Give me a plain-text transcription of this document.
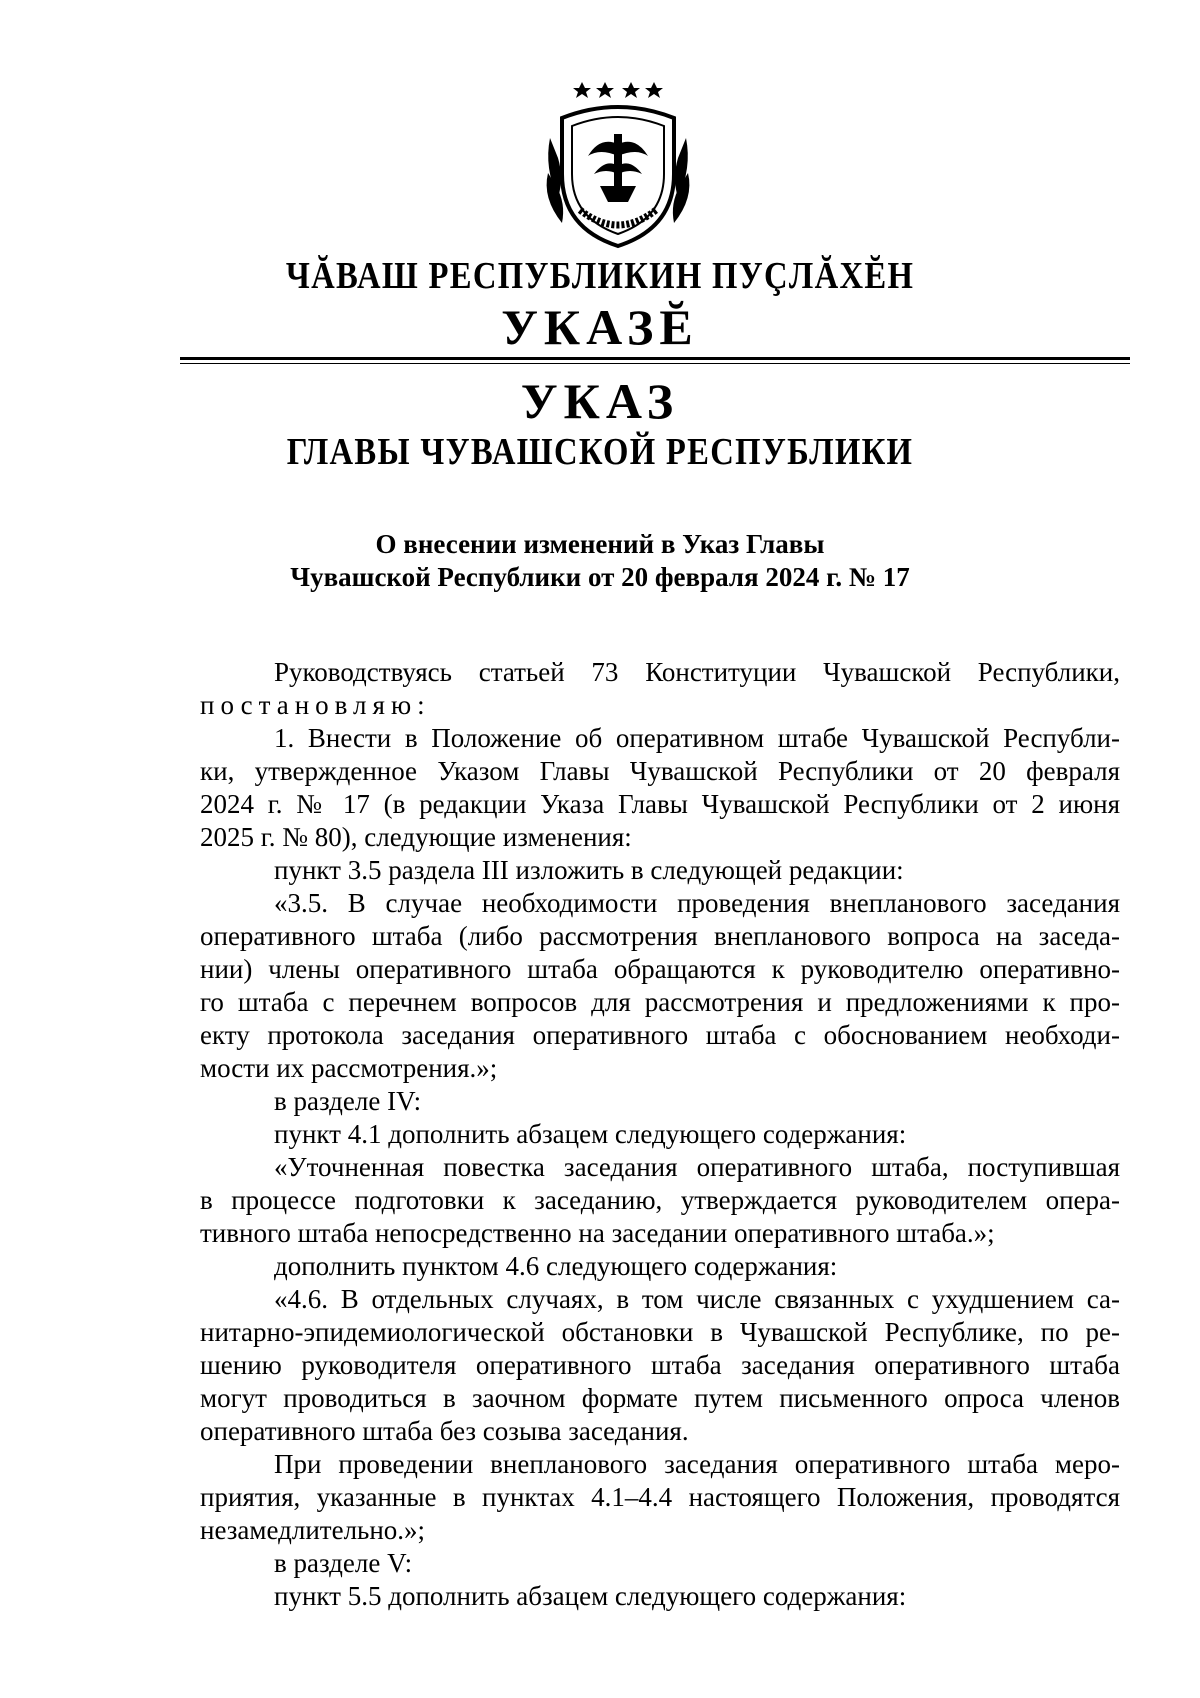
ЧĂВАШ РЕСПУБЛИКИН ПУÇЛĂХĔН
УКАЗĔ
УКАЗ
ГЛАВЫ ЧУВАШСКОЙ РЕСПУБЛИКИ
О внесении изменений в Указ Главы
Чувашской Республики от 20 февраля 2024 г. № 17
Руководствуясь статьей 73 Конституции Чувашской Республики,
постановляю:
1. Внести в Положение об оперативном штабе Чувашской Республи-
ки, утвержденное Указом Главы Чувашской Республики от 20 февраля
2024 г. № 17 (в редакции Указа Главы Чувашской Республики от 2 июня
2025 г. № 80), следующие изменения:
пункт 3.5 раздела III изложить в следующей редакции:
«3.5. В случае необходимости проведения внепланового заседания
оперативного штаба (либо рассмотрения внепланового вопроса на заседа-
нии) члены оперативного штаба обращаются к руководителю оперативно-
го штаба с перечнем вопросов для рассмотрения и предложениями к про-
екту протокола заседания оперативного штаба с обоснованием необходи-
мости их рассмотрения.»;
в разделе IV:
пункт 4.1 дополнить абзацем следующего содержания:
«Уточненная повестка заседания оперативного штаба, поступившая
в процессе подготовки к заседанию, утверждается руководителем опера-
тивного штаба непосредственно на заседании оперативного штаба.»;
дополнить пунктом 4.6 следующего содержания:
«4.6. В отдельных случаях, в том числе связанных с ухудшением са-
нитарно-эпидемиологической обстановки в Чувашской Республике, по ре-
шению руководителя оперативного штаба заседания оперативного штаба
могут проводиться в заочном формате путем письменного опроса членов
оперативного штаба без созыва заседания.
При проведении внепланового заседания оперативного штаба меро-
приятия, указанные в пунктах 4.1–4.4 настоящего Положения, проводятся
незамедлительно.»;
в разделе V:
пункт 5.5 дополнить абзацем следующего содержания:
